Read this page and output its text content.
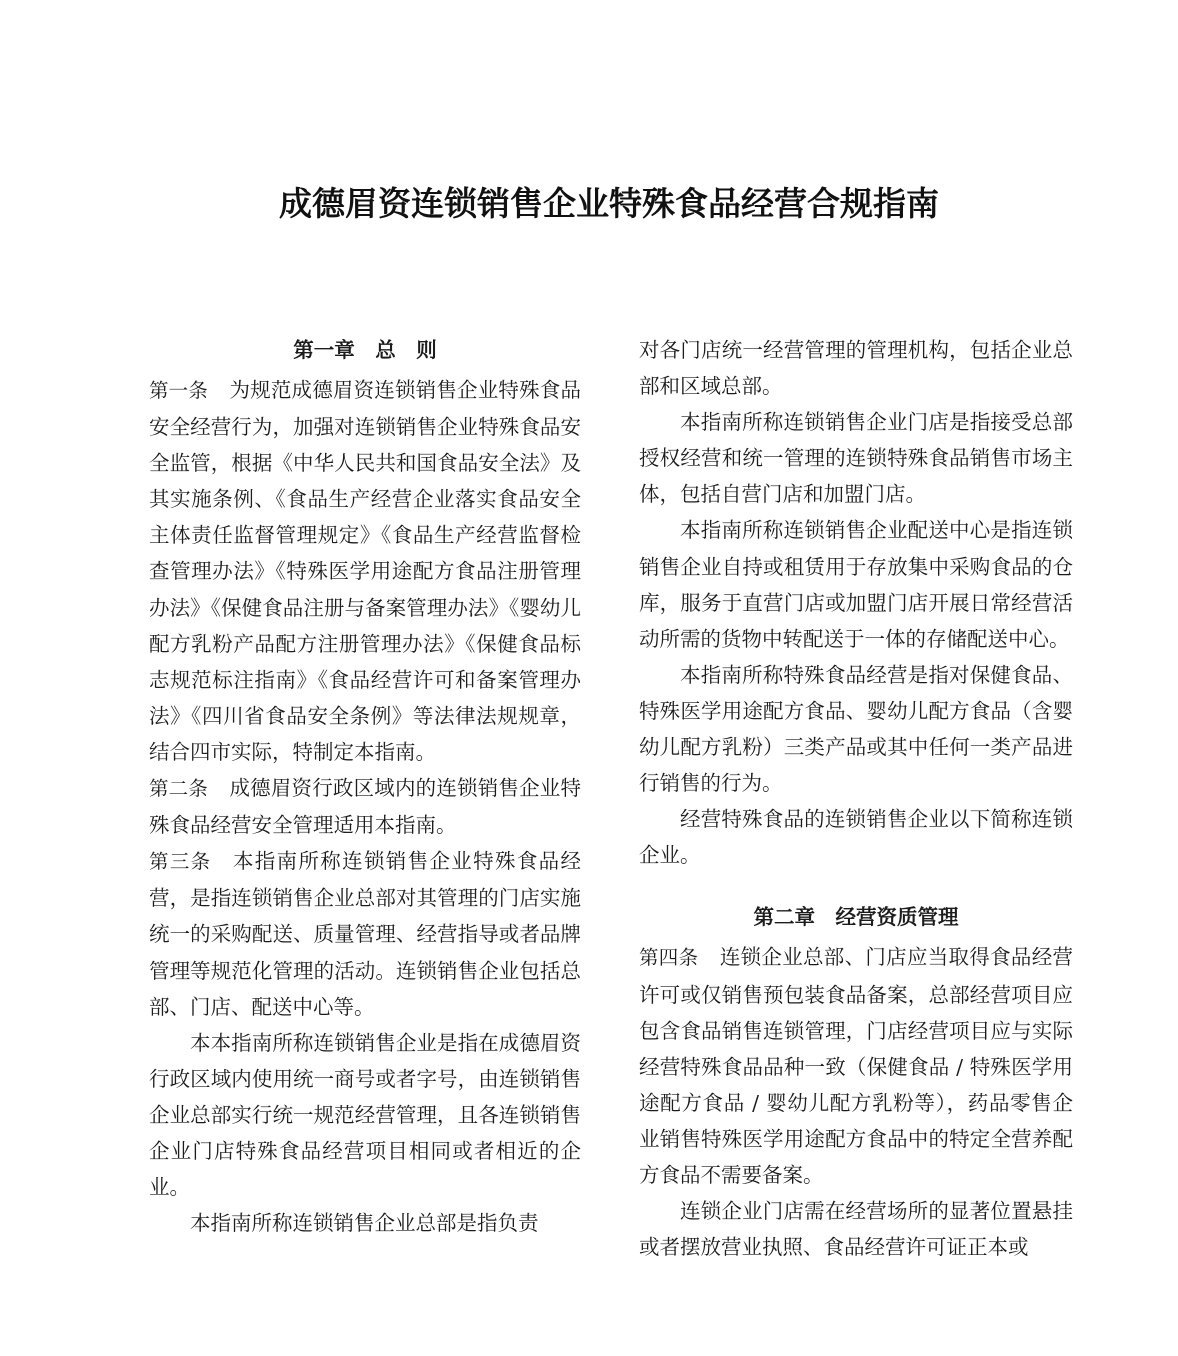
成德眉资连锁销售企业特殊食品经营合规指南
第一章　总　则

第一条 为规范成德眉资连锁销售企业特殊食品安全经营行为，加强对连锁销售企业特殊食品安全监管，根据《中华人民共和国食品安全法》及其实施条例、《食品生产经营企业落实食品安全主体责任监督管理规定》《食品生产经营监督检查管理办法》《特殊医学用途配方食品注册管理办法》《保健食品注册与备案管理办法》《婴幼儿配方乳粉产品配方注册管理办法》《保健食品标志规范标注指南》《食品经营许可和备案管理办法》《四川省食品安全条例》等法律法规规章，结合四市实际，特制定本指南。

第二条 成德眉资行政区域内的连锁销售企业特殊食品经营安全管理适用本指南。

第三条 本指南所称连锁销售企业特殊食品经营，是指连锁销售企业总部对其管理的门店实施统一的采购配送、质量管理、经营指导或者品牌管理等规范化管理的活动。连锁销售企业包括总部、门店、配送中心等。

本本指南所称连锁销售企业是指在成德眉资行政区域内使用统一商号或者字号，由连锁销售企业总部实行统一规范经营管理，且各连锁销售企业门店特殊食品经营项目相同或者相近的企业。

本指南所称连锁销售企业总部是指负责

对各门店统一经营管理的管理机构，包括企业总部和区域总部。

本指南所称连锁销售企业门店是指接受总部授权经营和统一管理的连锁特殊食品销售市场主体，包括自营门店和加盟门店。

本指南所称连锁销售企业配送中心是指连锁销售企业自持或租赁用于存放集中采购食品的仓库，服务于直营门店或加盟门店开展日常经营活动所需的货物中转配送于一体的存储配送中心。

本指南所称特殊食品经营是指对保健食品、特殊医学用途配方食品、婴幼儿配方食品（含婴幼儿配方乳粉）三类产品或其中任何一类产品进行销售的行为。

经营特殊食品的连锁销售企业以下简称连锁企业。

第二章　经营资质管理

第四条 连锁企业总部、门店应当取得食品经营许可或仅销售预包装食品备案，总部经营项目应包含食品销售连锁管理，门店经营项目应与实际经营特殊食品品种一致（保健食品 / 特殊医学用途配方食品 / 婴幼儿配方乳粉等），药品零售企业销售特殊医学用途配方食品中的特定全营养配方食品不需要备案。

连锁企业门店需在经营场所的显著位置悬挂或者摆放营业执照、食品经营许可证正本或
